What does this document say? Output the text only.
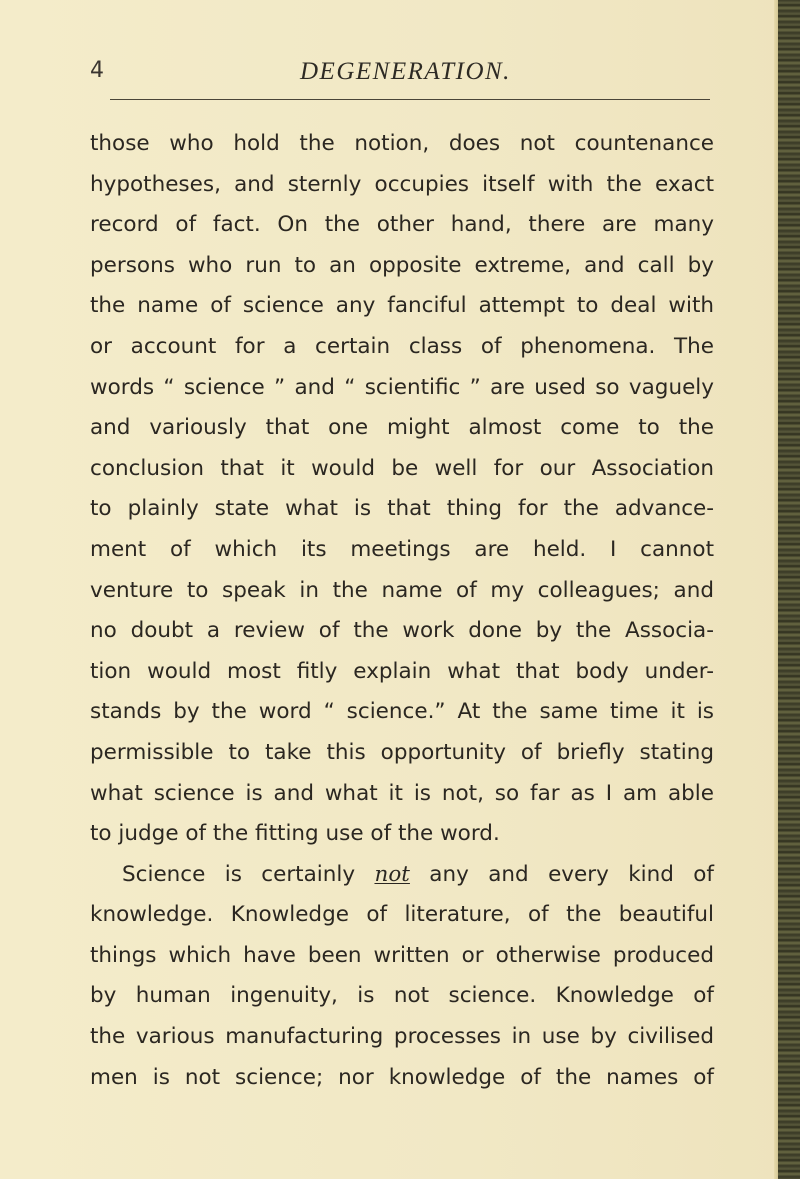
4	DEGENERATION.
those who hold the notion, does not countenance
hypotheses, and sternly occupies itself with the exact
record of fact. On the other hand, there are many
persons who run to an opposite extreme, and call by
the name of science any fanciful attempt to deal with
or account for a certain class of phenomena. The
words “ science ” and “ scientific ” are used so vaguely
and variously that one might almost come to the
conclusion that it would be well for our Association
to plainly state what is that thing for the advance-
ment of which its meetings are held. I cannot
venture to speak in the name of my colleagues; and
no doubt a review of the work done by the Associa-
tion would most fitly explain what that body under-
stands by the word “ science.” At the same time it is
permissible to take this opportunity of briefly stating
what science is and what it is not, so far as I am able
to judge of the fitting use of the word.
Science is certainly not any and every kind of
knowledge. Knowledge of literature, of the beautiful
things which have been written or otherwise produced
by human ingenuity, is not science. Knowledge of
the various manufacturing processes in use by civilised
men is not science; nor knowledge of the names of
